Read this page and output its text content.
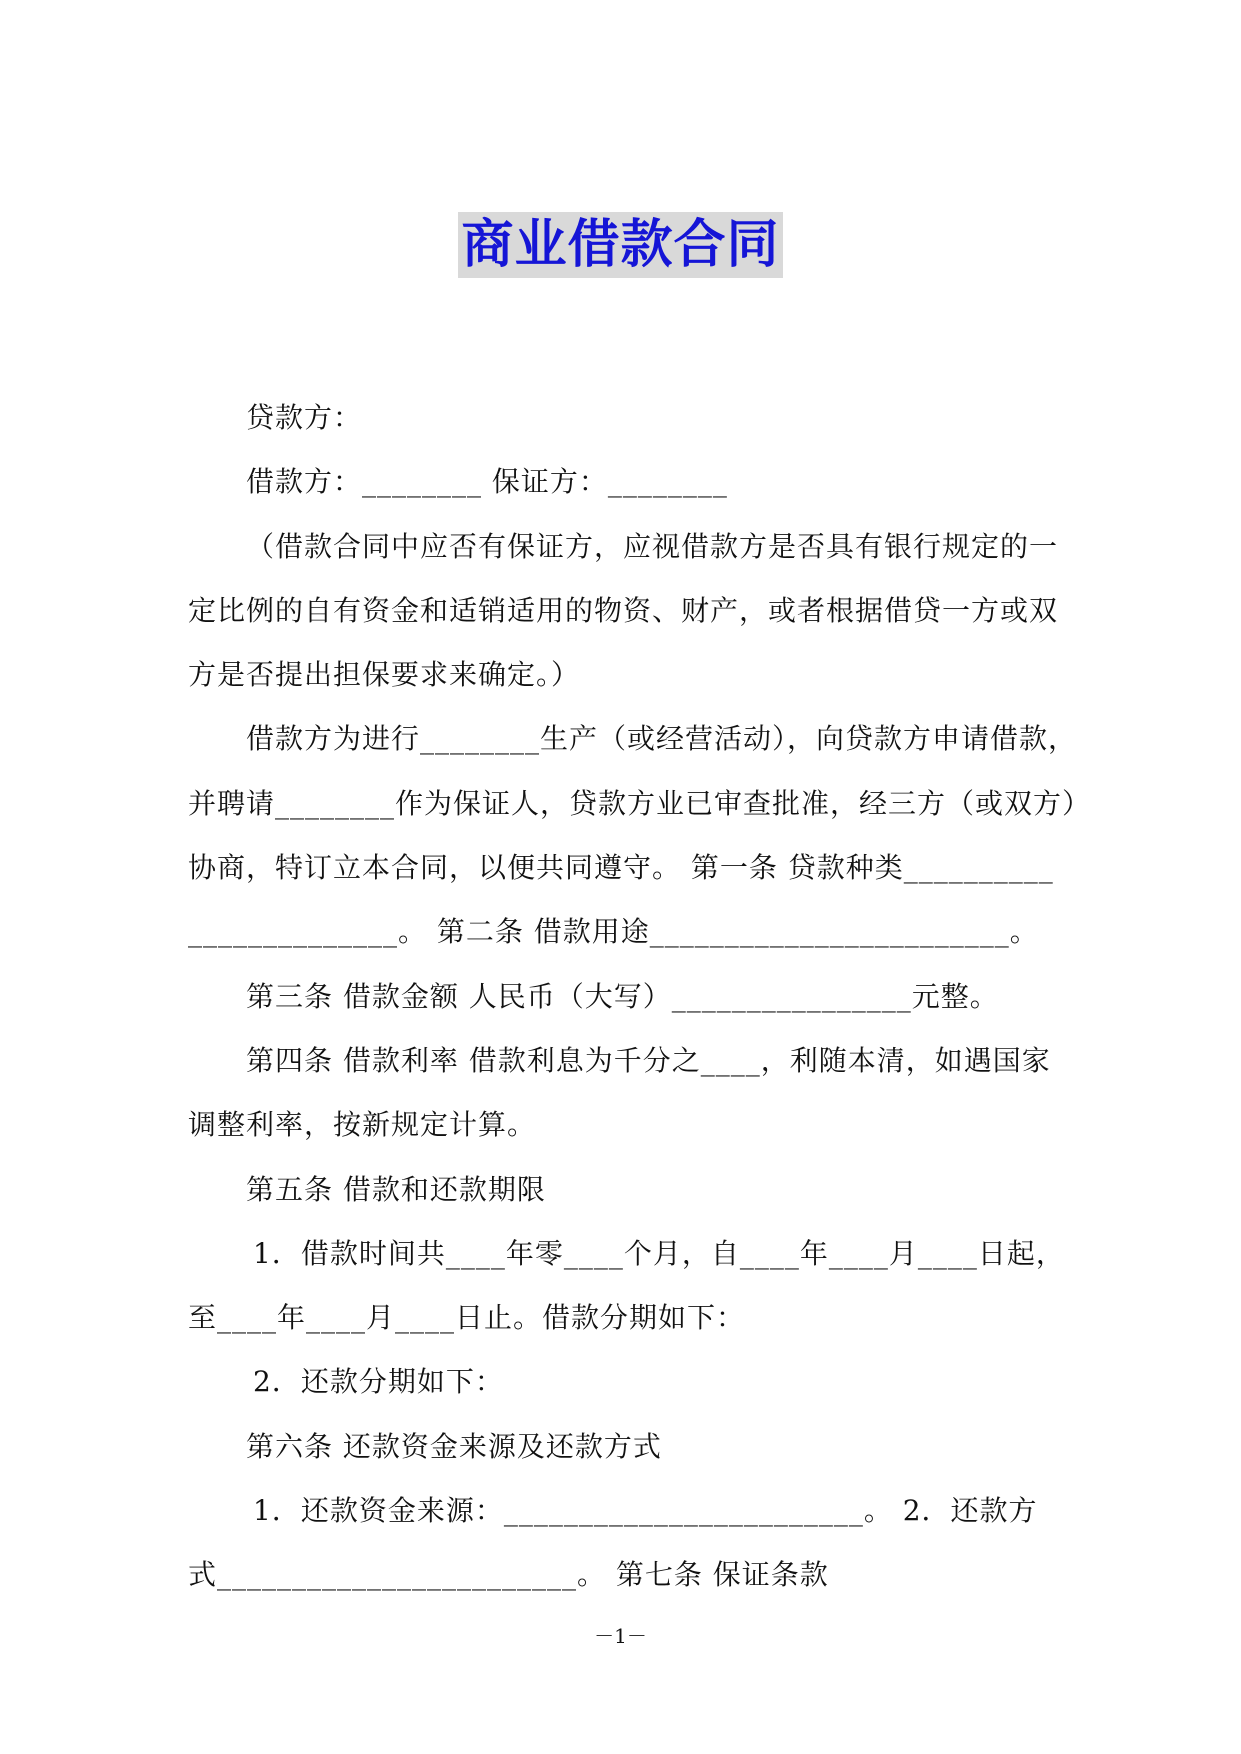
商业借款合同

贷款方：

借款方：________ 保证方：________

（借款合同中应否有保证方，应视借款方是否具有银行规定的一

定比例的自有资金和适销适用的物资、财产，或者根据借贷一方或双

方是否提出担保要求来确定。）

借款方为进行________生产（或经营活动），向贷款方申请借款，

并聘请________作为保证人，贷款方业已审查批准，经三方（或双方）

协商，特订立本合同，以便共同遵守。 第一条 贷款种类__________

______________。 第二条 借款用途________________________。

第三条 借款金额 人民币（大写）________________元整。

第四条 借款利率 借款利息为千分之____，利随本清，如遇国家

调整利率，按新规定计算。

第五条 借款和还款期限

1．借款时间共____年零____个月，自____年____月____日起，

至____年____月____日止。借款分期如下：

2．还款分期如下：

第六条 还款资金来源及还款方式

1．还款资金来源：________________________。 2．还款方

式________________________。 第七条 保证条款

－1－
